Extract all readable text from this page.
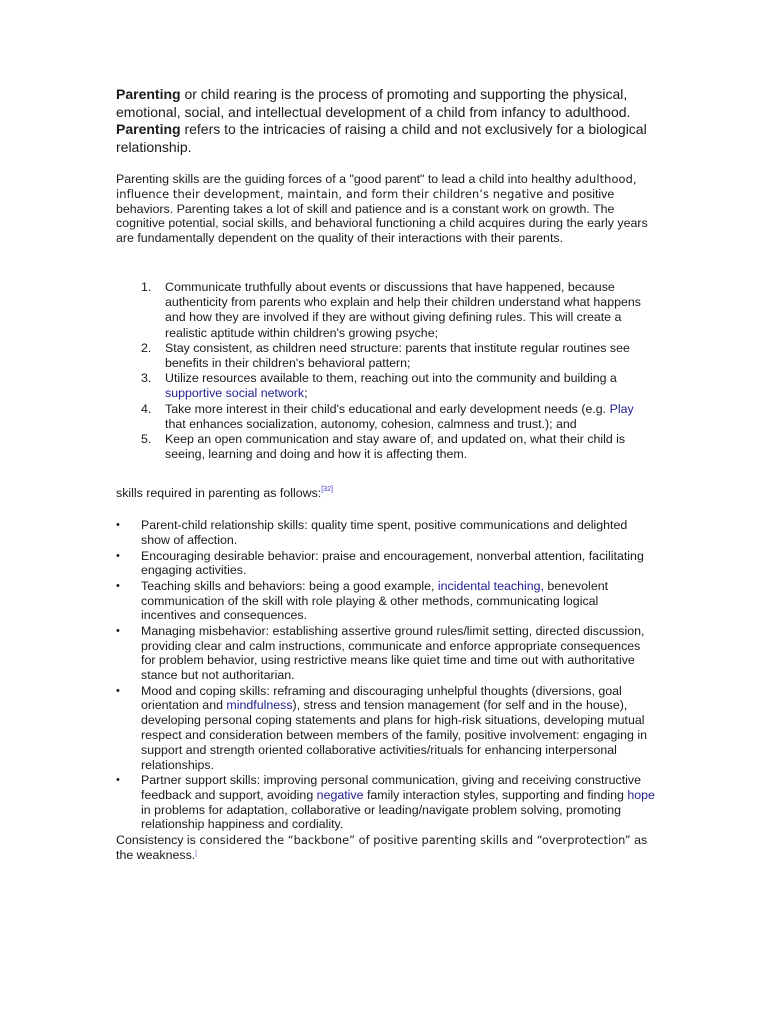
Parenting or child rearing is the process of promoting and supporting the physical, emotional, social, and intellectual development of a child from infancy to adulthood. Parenting refers to the intricacies of raising a child and not exclusively for a biological relationship.

Parenting skills are the guiding forces of a "good parent" to lead a child into healthy adulthood, influence their development, maintain, and form their children’s negative and positive behaviors. Parenting takes a lot of skill and patience and is a constant work on growth. The cognitive potential, social skills, and behavioral functioning a child acquires during the early years are fundamentally dependent on the quality of their interactions with their parents.

1. Communicate truthfully about events or discussions that have happened, because authenticity from parents who explain and help their children understand what happens and how they are involved if they are without giving defining rules. This will create a realistic aptitude within children's growing psyche;
2. Stay consistent, as children need structure: parents that institute regular routines see benefits in their children's behavioral pattern;
3. Utilize resources available to them, reaching out into the community and building a supportive social network;
4. Take more interest in their child's educational and early development needs (e.g. Play that enhances socialization, autonomy, cohesion, calmness and trust.); and
5. Keep an open communication and stay aware of, and updated on, what their child is seeing, learning and doing and how it is affecting them.

skills required in parenting as follows:[32]

• Parent-child relationship skills: quality time spent, positive communications and delighted show of affection.
• Encouraging desirable behavior: praise and encouragement, nonverbal attention, facilitating engaging activities.
• Teaching skills and behaviors: being a good example, incidental teaching, benevolent communication of the skill with role playing & other methods, communicating logical incentives and consequences.
• Managing misbehavior: establishing assertive ground rules/limit setting, directed discussion, providing clear and calm instructions, communicate and enforce appropriate consequences for problem behavior, using restrictive means like quiet time and time out with authoritative stance but not authoritarian.
• Mood and coping skills: reframing and discouraging unhelpful thoughts (diversions, goal orientation and mindfulness), stress and tension management (for self and in the house), developing personal coping statements and plans for high-risk situations, developing mutual respect and consideration between members of the family, positive involvement: engaging in support and strength oriented collaborative activities/rituals for enhancing interpersonal relationships.
• Partner support skills: improving personal communication, giving and receiving constructive feedback and support, avoiding negative family interaction styles, supporting and finding hope in problems for adaptation, collaborative or leading/navigate problem solving, promoting relationship happiness and cordiality.

Consistency is considered the “backbone” of positive parenting skills and “overprotection” as the weakness.[
